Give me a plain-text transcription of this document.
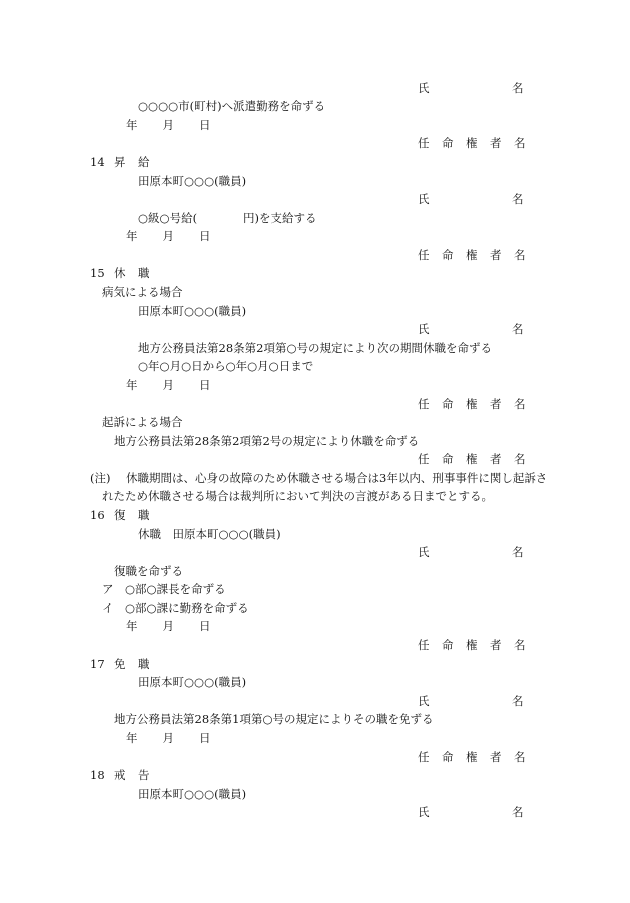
氏名
○○○○市(町村)へ派遣勤務を命ずる
年月日
任命権者名
14 昇給
田原本町○○○(職員)
氏名
○級○号給(　　　　円)を支給する
年月日
任命権者名
15 休職
病気による場合
田原本町○○○(職員)
氏名
地方公務員法第28条第2項第○号の規定により次の期間休職を命ずる
○年○月○日から○年○月○日まで
年月日
任命権者名
起訴による場合
地方公務員法第28条第2項第2号の規定により休職を命ずる
任命権者名
(注) 休職期間は、心身の故障のため休職させる場合は3年以内、刑事事件に関し起訴さ
れたため休職させる場合は裁判所において判決の言渡がある日までとする。
16 復職
休職　田原本町○○○(職員)
氏名
復職を命ずる
ア　○部○課長を命ずる
イ　○部○課に勤務を命ずる
年月日
任命権者名
17 免職
田原本町○○○(職員)
氏名
地方公務員法第28条第1項第○号の規定によりその職を免ずる
年月日
任命権者名
18 戒告
田原本町○○○(職員)
氏名
